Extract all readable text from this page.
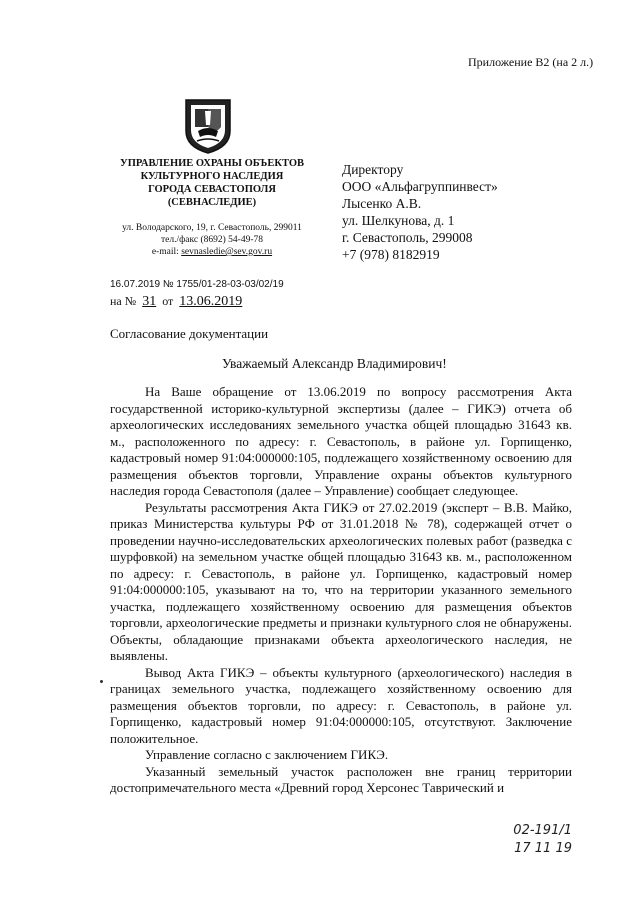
Приложение В2 (на 2 л.)
УПРАВЛЕНИЕ ОХРАНЫ ОБЪЕКТОВ
КУЛЬТУРНОГО НАСЛЕДИЯ
ГОРОДА СЕВАСТОПОЛЯ
(СЕВНАСЛЕДИЕ)
ул. Володарского, 19, г. Севастополь, 299011
тел./факс (8692) 54-49-78
e-mail: sevnasledie@sev.gov.ru
Директору
ООО «Альфагруппинвест»
Лысенко А.В.
ул. Шелкунова, д. 1
г. Севастополь, 299008
+7 (978) 8182919
16.07.2019 № 1755/01-28-03-03/02/19
на № 31 от 13.06.2019
Согласование документации
Уважаемый Александр Владимирович!

На Ваше обращение от 13.06.2019 по вопросу рассмотрения Акта государственной историко-культурной экспертизы (далее – ГИКЭ) отчета об археологических исследованиях земельного участка общей площадью 31643 кв. м., расположенного по адресу: г. Севастополь, в районе ул. Горпищенко, кадастровый номер 91:04:000000:105, подлежащего хозяйственному освоению для размещения объектов торговли, Управление охраны объектов культурного наследия города Севастополя (далее – Управление) сообщает следующее.

Результаты рассмотрения Акта ГИКЭ от 27.02.2019 (эксперт – В.В. Майко, приказ Министерства культуры РФ от 31.01.2018 № 78), содержащей отчет о проведении научно-исследовательских археологических полевых работ (разведка с шурфовкой) на земельном участке общей площадью 31643 кв. м., расположенном по адресу: г. Севастополь, в районе ул. Горпищенко, кадастровый номер 91:04:000000:105, указывают на то, что на территории указанного земельного участка, подлежащего хозяйственному освоению для размещения объектов торговли, археологические предметы и признаки культурного слоя не обнаружены. Объекты, обладающие признаками объекта археологического наследия, не выявлены.

Вывод Акта ГИКЭ – объекты культурного (археологического) наследия в границах земельного участка, подлежащего хозяйственному освоению для размещения объектов торговли, по адресу: г. Севастополь, в районе ул. Горпищенко, кадастровый номер 91:04:000000:105, отсутствуют. Заключение положительное.

Управление согласно с заключением ГИКЭ.

Указанный земельный участок расположен вне границ территории достопримечательного места «Древний город Херсонес Таврический и

02-191/1
17 11 19
